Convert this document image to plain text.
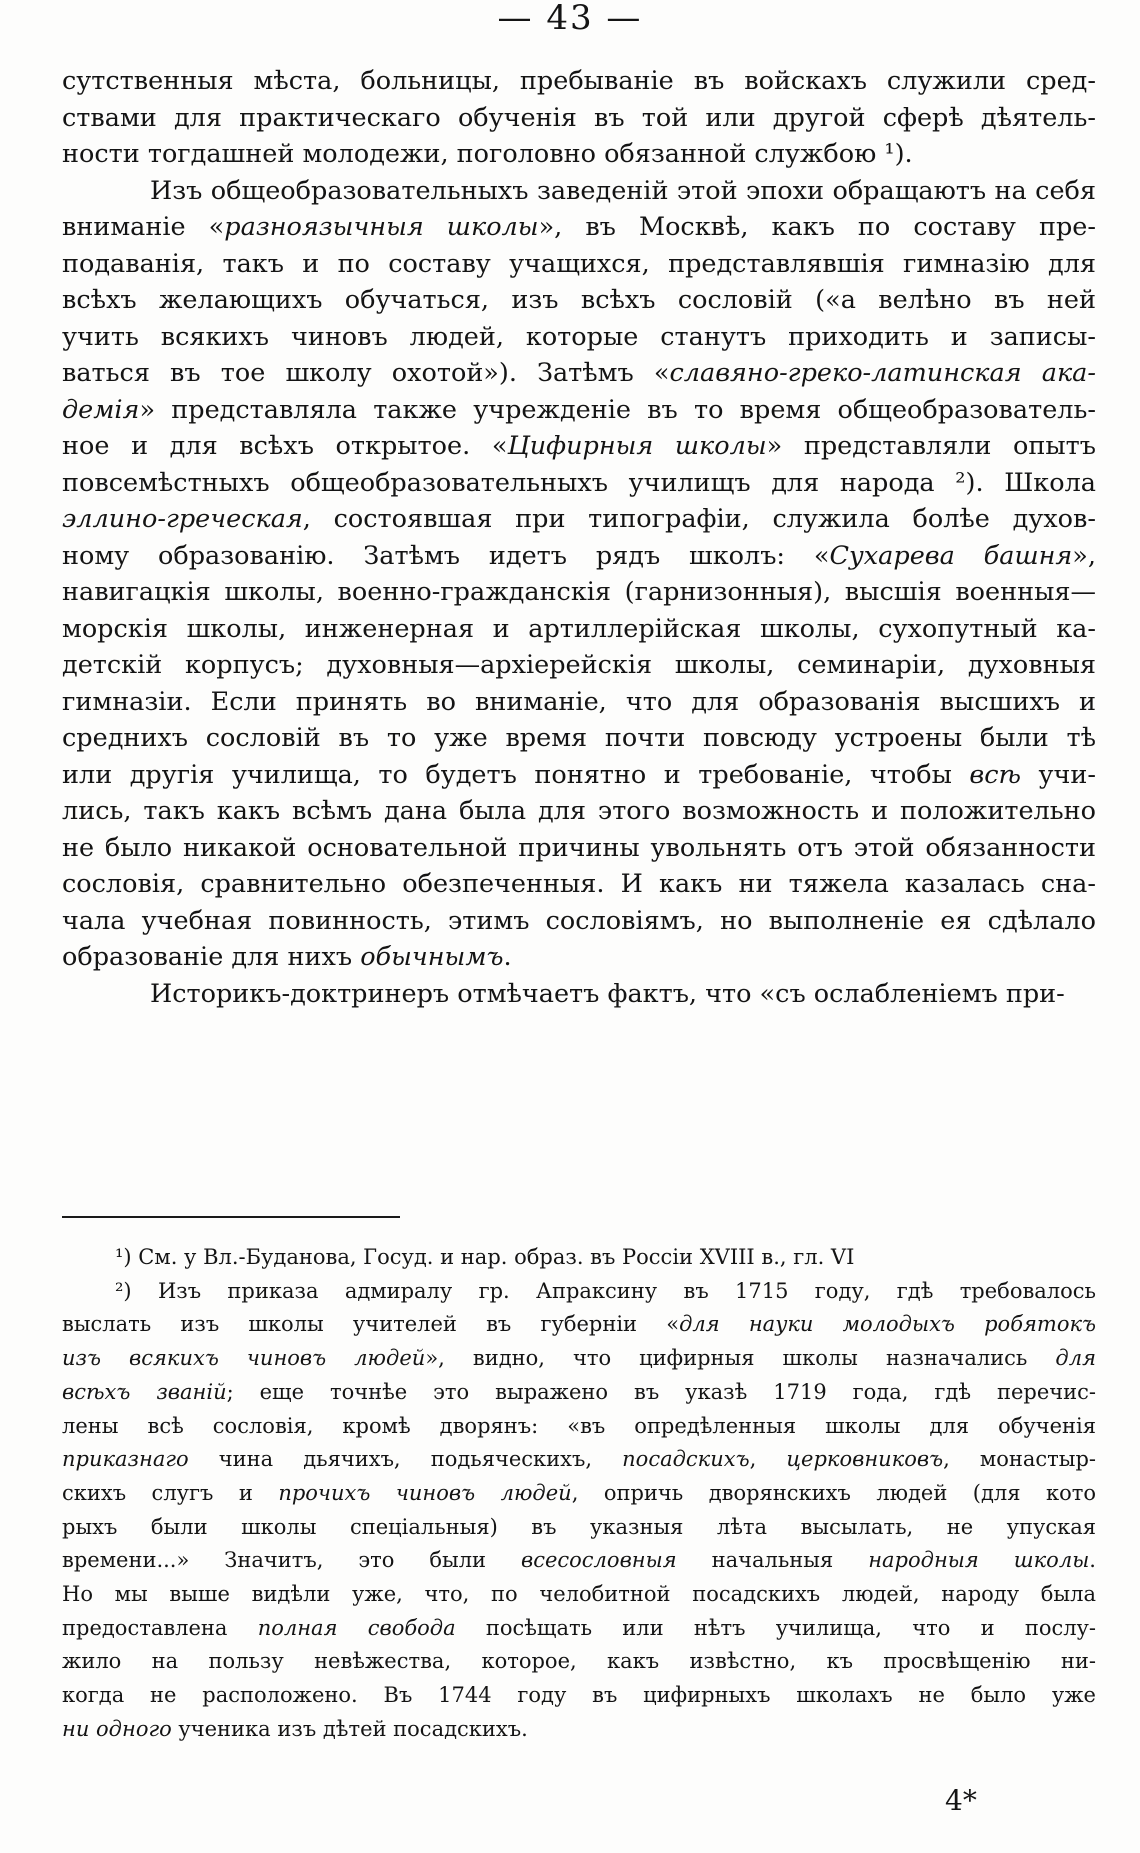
— 43 —
сутственныя мѣста, больницы, пребываніе въ войскахъ служили сред-
ствами для практическаго обученія въ той или другой сферѣ дѣятель-
ности тогдашней молодежи, поголовно обязанной службою ¹).
Изъ общеобразовательныхъ заведеній этой эпохи обращаютъ на себя
вниманіе «разноязычныя школы», въ Москвѣ, какъ по составу пре-
подаванія, такъ и по составу учащихся, представлявшія гимназію для
всѣхъ желающихъ обучаться, изъ всѣхъ сословій («а велѣно въ ней
учить всякихъ чиновъ людей, которые станутъ приходить и записы-
ваться въ тое школу охотой»). Затѣмъ «славяно-греко-латинская ака-
демія» представляла также учрежденіе въ то время общеобразователь-
ное и для всѣхъ открытое. «Цифирныя школы» представляли опытъ
повсемѣстныхъ общеобразовательныхъ училищъ для народа ²). Школа
эллино-греческая, состоявшая при типографіи, служила болѣе духов-
ному образованію. Затѣмъ идетъ рядъ школъ: «Сухарева башня»,
навигацкія школы, военно-гражданскія (гарнизонныя), высшія военныя—
морскія школы, инженерная и артиллерійская школы, сухопутный ка-
детскій корпусъ; духовныя—архіерейскія школы, семинаріи, духовныя
гимназіи. Если принять во вниманіе, что для образованія высшихъ и
среднихъ сословій въ то уже время почти повсюду устроены были тѣ
или другія училища, то будетъ понятно и требованіе, чтобы всѣ учи-
лись, такъ какъ всѣмъ дана была для этого возможность и положительно
не было никакой основательной причины увольнять отъ этой обязанности
сословія, сравнительно обезпеченныя. И какъ ни тяжела казалась сна-
чала учебная повинность, этимъ сословіямъ, но выполненіе ея сдѣлало
образованіе для нихъ обычнымъ.
Историкъ-доктринеръ отмѣчаетъ фактъ, что «съ ослабленіемъ при-
¹) См. у Вл.-Буданова, Госуд. и нар. образ. въ Россіи XVIII в., гл. VI
²) Изъ приказа адмиралу гр. Апраксину въ 1715 году, гдѣ требовалось
выслать изъ школы учителей въ губерніи «для науки молодыхъ робятокъ
изъ всякихъ чиновъ людей», видно, что цифирныя школы назначались для
всѣхъ званій; еще точнѣе это выражено въ указѣ 1719 года, гдѣ перечис-
лены всѣ сословія, кромѣ дворянъ: «въ опредѣленныя школы для обученія
приказнаго чина дьячихъ, подьяческихъ, посадскихъ, церковниковъ, монастыр-
скихъ слугъ и прочихъ чиновъ людей, опричь дворянскихъ людей (для кото
рыхъ были школы спеціальныя) въ указныя лѣта высылать, не упуская
времени...» Значитъ, это были всесословныя начальныя народныя школы.
Но мы выше видѣли уже, что, по челобитной посадскихъ людей, народу была
предоставлена полная свобода посѣщать или нѣтъ училища, что и послу-
жило на пользу невѣжества, которое, какъ извѣстно, къ просвѣщенію ни-
когда не расположено. Въ 1744 году въ цифирныхъ школахъ не было уже
ни одного ученика изъ дѣтей посадскихъ.
4*
